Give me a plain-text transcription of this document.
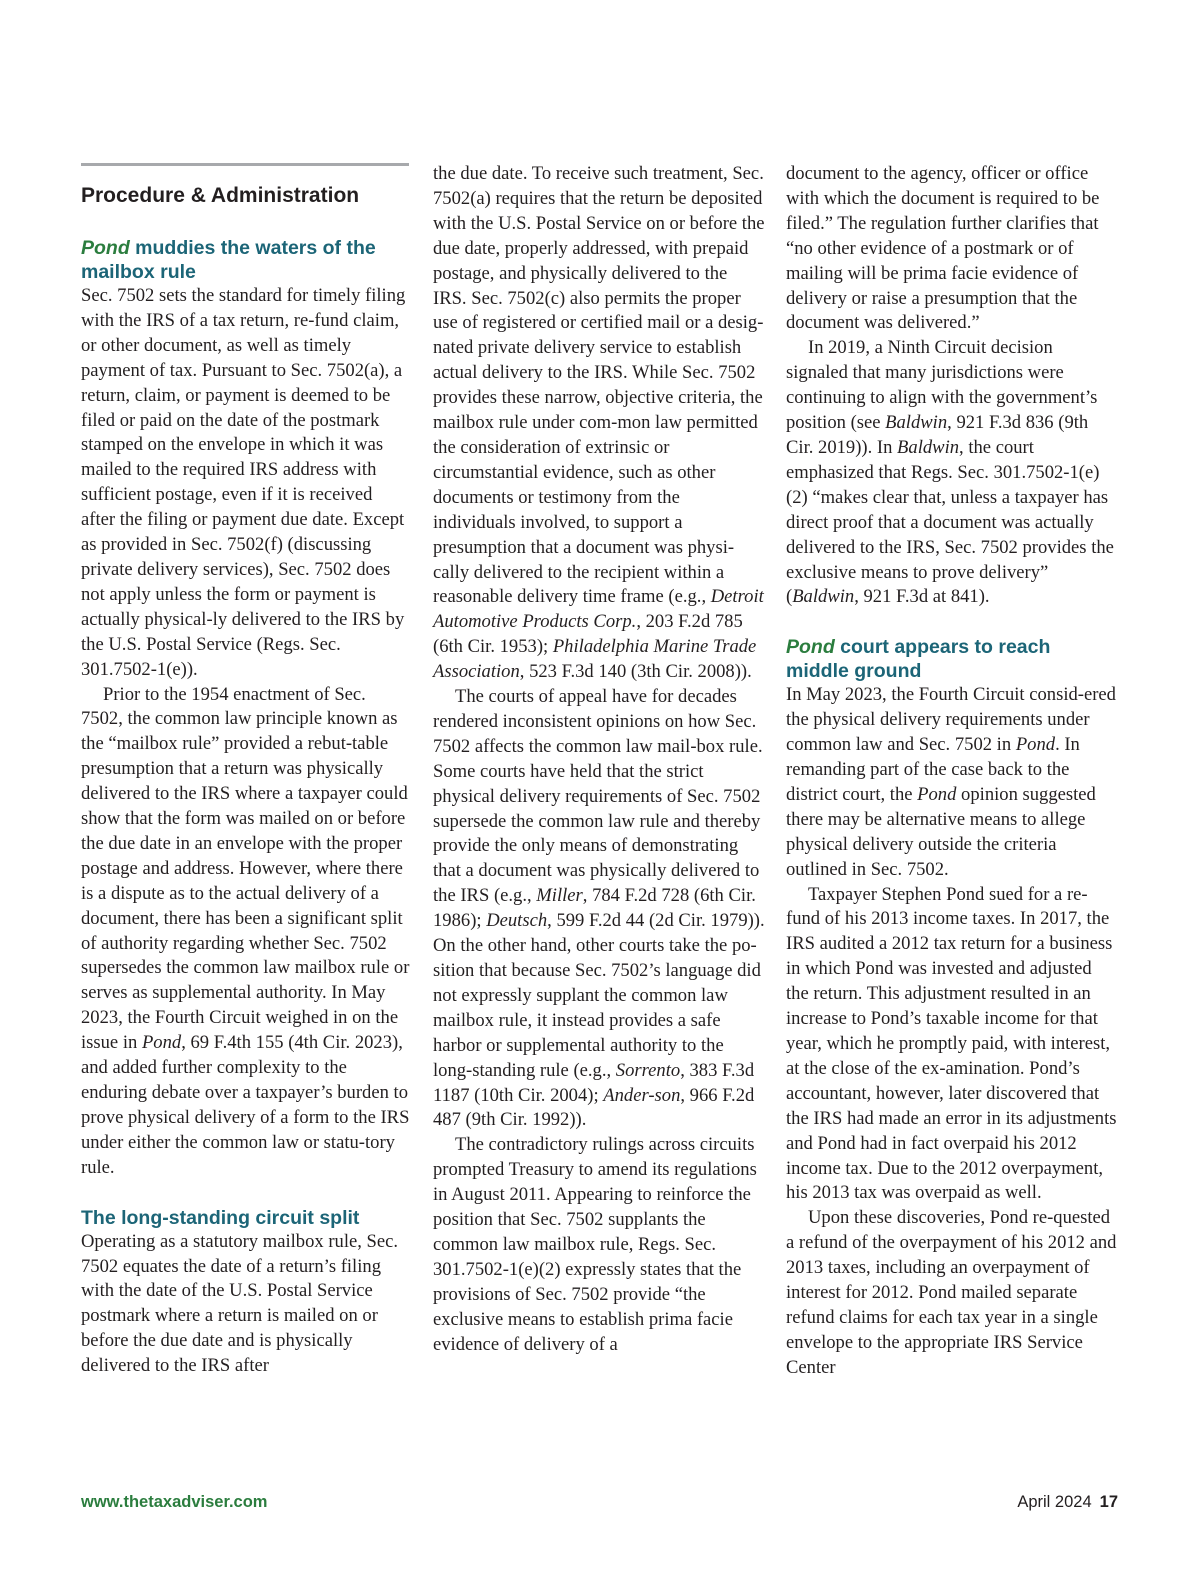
Procedure & Administration
Pond muddies the waters of the mailbox rule

Sec. 7502 sets the standard for timely filing with the IRS of a tax return, re-fund claim, or other document, as well as timely payment of tax. Pursuant to Sec. 7502(a), a return, claim, or payment is deemed to be filed or paid on the date of the postmark stamped on the envelope in which it was mailed to the required IRS address with sufficient postage, even if it is received after the filing or payment due date. Except as provided in Sec. 7502(f) (discussing private delivery services), Sec. 7502 does not apply unless the form or payment is actually physical-ly delivered to the IRS by the U.S. Postal Service (Regs. Sec. 301.7502-1(e)).

Prior to the 1954 enactment of Sec. 7502, the common law principle known as the “mailbox rule” provided a rebut-table presumption that a return was physically delivered to the IRS where a taxpayer could show that the form was mailed on or before the due date in an envelope with the proper postage and address. However, where there is a dispute as to the actual delivery of a document, there has been a significant split of authority regarding whether Sec. 7502 supersedes the common law mailbox rule or serves as supplemental authority. In May 2023, the Fourth Circuit weighed in on the issue in Pond, 69 F.4th 155 (4th Cir. 2023), and added further complexity to the enduring debate over a taxpayer’s burden to prove physical delivery of a form to the IRS under either the common law or statu-tory rule.

The long-standing circuit split

Operating as a statutory mailbox rule, Sec. 7502 equates the date of a return’s filing with the date of the U.S. Postal Service postmark where a return is mailed on or before the due date and is physically delivered to the IRS after

the due date. To receive such treatment, Sec. 7502(a) requires that the return be deposited with the U.S. Postal Service on or before the due date, properly addressed, with prepaid postage, and physically delivered to the IRS. Sec. 7502(c) also permits the proper use of registered or certified mail or a desig-nated private delivery service to establish actual delivery to the IRS. While Sec. 7502 provides these narrow, objective criteria, the mailbox rule under com-mon law permitted the consideration of extrinsic or circumstantial evidence, such as other documents or testimony from the individuals involved, to support a presumption that a document was physi-cally delivered to the recipient within a reasonable delivery time frame (e.g., Detroit Automotive Products Corp., 203 F.2d 785 (6th Cir. 1953); Philadelphia Marine Trade Association, 523 F.3d 140 (3th Cir. 2008)).

The courts of appeal have for decades rendered inconsistent opinions on how Sec. 7502 affects the common law mail-box rule. Some courts have held that the strict physical delivery requirements of Sec. 7502 supersede the common law rule and thereby provide the only means of demonstrating that a document was physically delivered to the IRS (e.g., Miller, 784 F.2d 728 (6th Cir. 1986); Deutsch, 599 F.2d 44 (2d Cir. 1979)). On the other hand, other courts take the po-sition that because Sec. 7502’s language did not expressly supplant the common law mailbox rule, it instead provides a safe harbor or supplemental authority to the long-standing rule (e.g., Sorrento, 383 F.3d 1187 (10th Cir. 2004); Ander-son, 966 F.2d 487 (9th Cir. 1992)).

The contradictory rulings across circuits prompted Treasury to amend its regulations in August 2011. Appearing to reinforce the position that Sec. 7502 supplants the common law mailbox rule, Regs. Sec. 301.7502-1(e)(2) expressly states that the provisions of Sec. 7502 provide “the exclusive means to establish prima facie evidence of delivery of a

document to the agency, officer or office with which the document is required to be filed.” The regulation further clarifies that “no other evidence of a postmark or of mailing will be prima facie evidence of delivery or raise a presumption that the document was delivered.”

In 2019, a Ninth Circuit decision signaled that many jurisdictions were continuing to align with the government’s position (see Baldwin, 921 F.3d 836 (9th Cir. 2019)). In Baldwin, the court emphasized that Regs. Sec. 301.7502-1(e)(2) “makes clear that, unless a taxpayer has direct proof that a document was actually delivered to the IRS, Sec. 7502 provides the exclusive means to prove delivery” (Baldwin, 921 F.3d at 841).

Pond court appears to reach middle ground

In May 2023, the Fourth Circuit consid-ered the physical delivery requirements under common law and Sec. 7502 in Pond. In remanding part of the case back to the district court, the Pond opinion suggested there may be alternative means to allege physical delivery outside the criteria outlined in Sec. 7502.

Taxpayer Stephen Pond sued for a re-fund of his 2013 income taxes. In 2017, the IRS audited a 2012 tax return for a business in which Pond was invested and adjusted the return. This adjustment resulted in an increase to Pond’s taxable income for that year, which he promptly paid, with interest, at the close of the ex-amination. Pond’s accountant, however, later discovered that the IRS had made an error in its adjustments and Pond had in fact overpaid his 2012 income tax. Due to the 2012 overpayment, his 2013 tax was overpaid as well.

Upon these discoveries, Pond re-quested a refund of the overpayment of his 2012 and 2013 taxes, including an overpayment of interest for 2012. Pond mailed separate refund claims for each tax year in a single envelope to the appropriate IRS Service Center

www.thetaxadviser.com	April 2024 17
